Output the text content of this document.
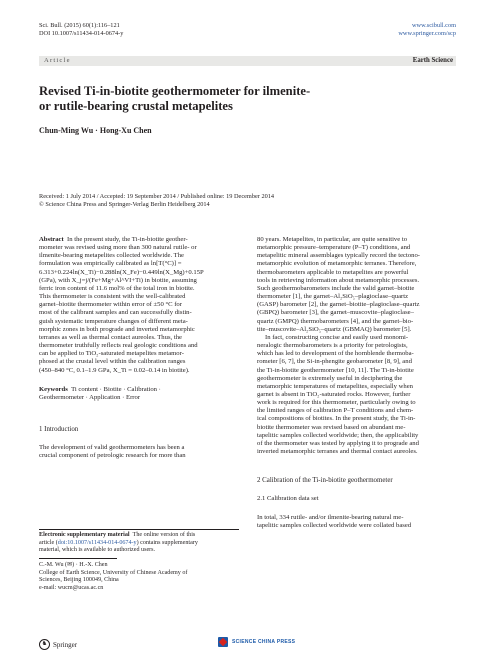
Sci. Bull. (2015) 60(1):116–121
DOI 10.1007/s11434-014-0674-y
www.scibull.com
www.springer.com/scp
Article	Earth Science
Revised Ti-in-biotite geothermometer for ilmenite-
or rutile-bearing crustal metapelites
Chun-Ming Wu · Hong-Xu Chen
Received: 1 July 2014 / Accepted: 19 September 2014 / Published online: 19 December 2014
© Science China Press and Springer-Verlag Berlin Heidelberg 2014
Abstract In the present study, the Ti-in-biotite geother-
mometer was revised using more than 300 natural rutile- or
ilmenite-bearing metapelites collected worldwide. The
formulation was empirically calibrated as ln[T(°C)] =
6.313+0.224ln(X_Ti)−0.288ln(X_Fe)−0.449ln(X_Mg)+0.15P
(GPa), with X_j=j/(Fe+Mg+Al^VI+Ti) in biotite, assuming
ferric iron content of 11.6 mol% of the total iron in biotite.
This thermometer is consistent with the well-calibrated
garnet–biotite thermometer within error of ±50 °C for
most of the calibrant samples and can successfully distin-
guish systematic temperature changes of different meta-
morphic zones in both prograde and inverted metamorphic
terranes as well as thermal contact aureoles. Thus, the
thermometer truthfully reflects real geologic conditions and
can be applied to TiO₂-saturated metapelites metamor-
phosed at the crustal level within the calibration ranges
(450–840 °C, 0.1–1.9 GPa, X_Ti = 0.02–0.14 in biotite).
Keywords Ti content · Biotite · Calibration ·
Geothermometer · Application · Error
1 Introduction
The development of valid geothermometers has been a
crucial component of petrologic research for more than
Electronic supplementary material The online version of this
article (doi:10.1007/s11434-014-0674-y) contains supplementary
material, which is available to authorized users.
C.-M. Wu (✉) · H.-X. Chen
College of Earth Science, University of Chinese Academy of
Sciences, Beijing 100049, China
e-mail: wucm@ucas.ac.cn
80 years. Metapelites, in particular, are quite sensitive to
metamorphic pressure–temperature (P–T) conditions, and
metapelitic mineral assemblages typically record the tectono-
metamorphic evolution of metamorphic terranes. Therefore,
thermobarometers applicable to metapelites are powerful
tools in retrieving information about metamorphic processes.
Such geothermobarometers include the valid garnet–biotite
thermometer [1], the garnet–Al₂SiO₅–plagioclase–quartz
(GASP) barometer [2], the garnet–biotite–plagioclase–quartz
(GBPQ) barometer [3], the garnet–muscovite–plagioclase–
quartz (GMPQ) thermobarometers [4], and the garnet–bio-
tite–muscovite–Al₂SiO₅–quartz (GBMAQ) barometer [5].
In fact, constructing concise and easily used monomi-
neralogic thermobarometers is a priority for petrologists,
which has led to development of the hornblende thermoba-
rometer [6, 7], the Si-in-phengite geobarometer [8, 9], and
the Ti-in-biotite geothermometer [10, 11]. The Ti-in-biotite
geothermometer is extremely useful in deciphering the
metamorphic temperatures of metapelites, especially when
garnet is absent in TiO₂-saturated rocks. However, further
work is required for this thermometer, particularly owing to
the limited ranges of calibration P–T conditions and chem-
ical compositions of biotites. In the present study, the Ti-in-
biotite thermometer was revised based on abundant me-
tapelitic samples collected worldwide; then, the applicability
of the thermometer was tested by applying it to prograde and
inverted metamorphic terranes and thermal contact aureoles.
2 Calibration of the Ti-in-biotite geothermometer
2.1 Calibration data set
In total, 334 rutile- and/or ilmenite-bearing natural me-
tapelitic samples collected worldwide were collated based
♞ Springer	SCIENCE CHINA PRESS
